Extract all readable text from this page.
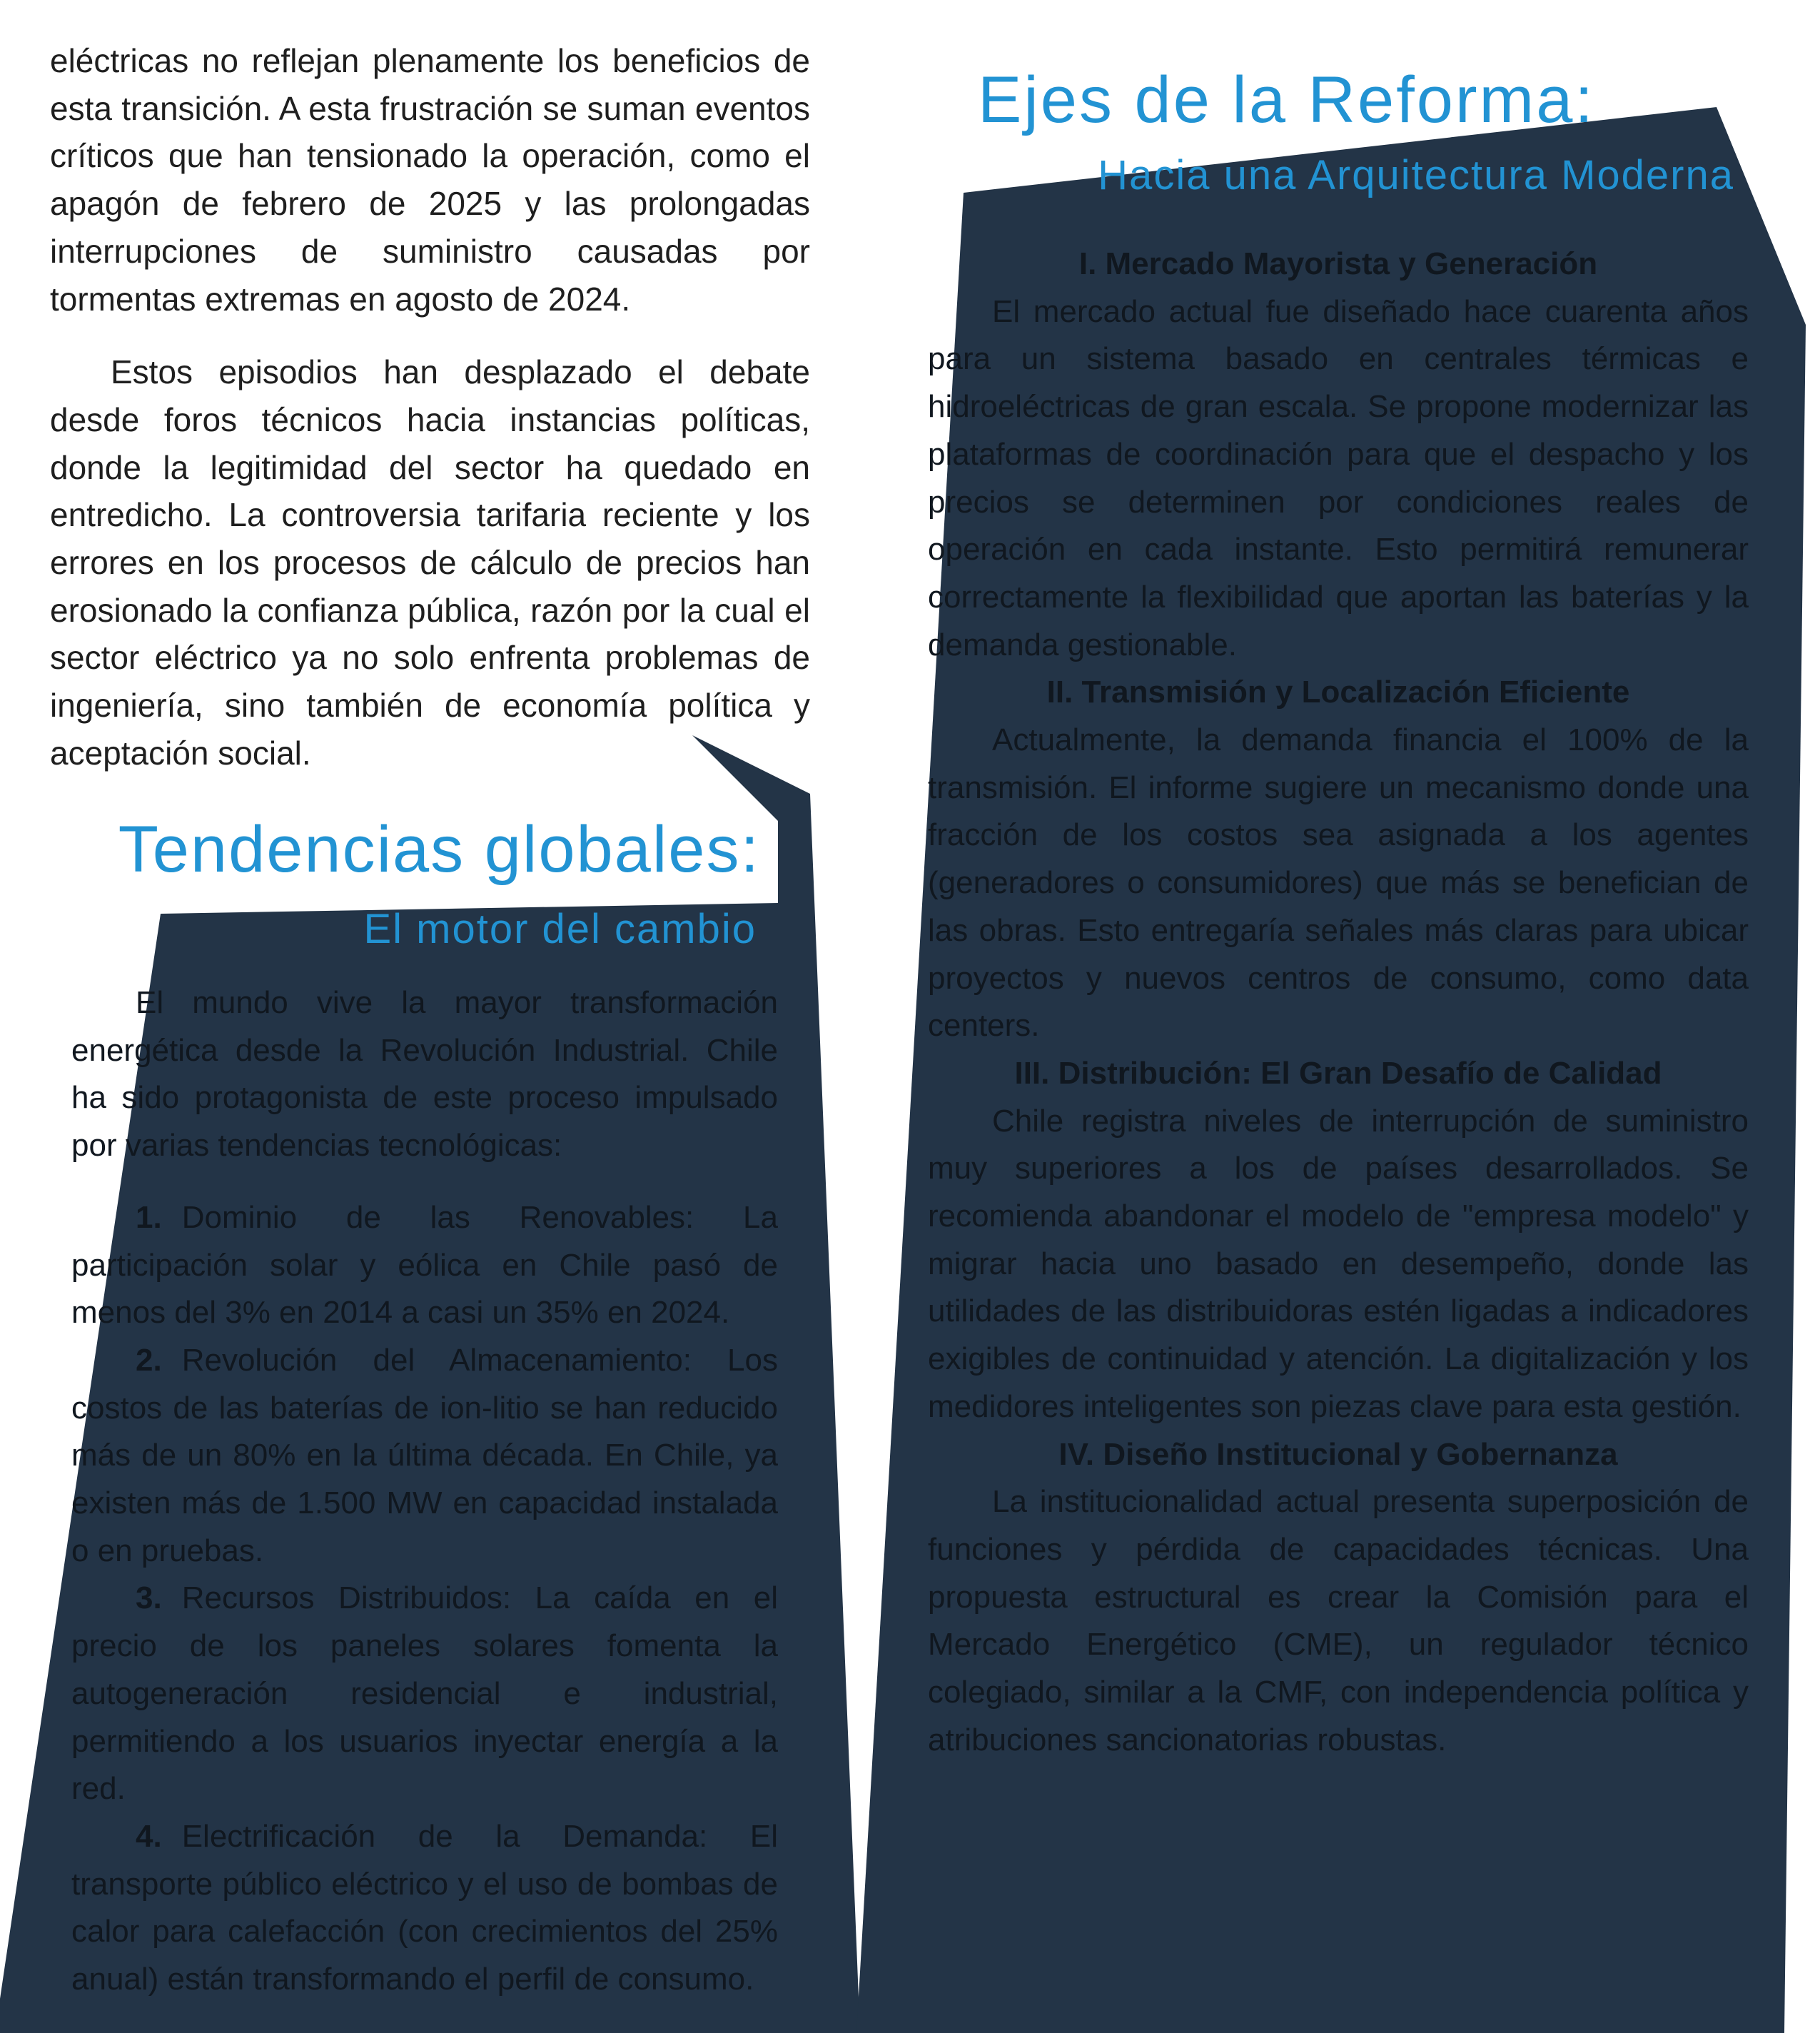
eléctricas no reflejan plenamente los beneficios de esta transición. A esta frustración se suman eventos críticos que han tensionado la operación, como el apagón de febrero de 2025 y las prolongadas interrupciones de suministro causadas por tormentas extremas en agosto de 2024.

Estos episodios han desplazado el debate desde foros técnicos hacia instancias políticas, donde la legitimidad del sector ha quedado en entredicho. La controversia tarifaria reciente y los errores en los procesos de cálculo de precios han erosionado la confianza pública, razón por la cual el sector eléctrico ya no solo enfrenta problemas de ingeniería, sino también de economía política y aceptación social.

Tendencias globales:
El motor del cambio

El mundo vive la mayor transformación energética desde la Revolución Industrial. Chile ha sido protagonista de este proceso impulsado por varias tendencias tecnológicas:

1. Dominio de las Renovables: La participación solar y eólica en Chile pasó de menos del 3% en 2014 a casi un 35% en 2024.

2. Revolución del Almacenamiento: Los costos de las baterías de ion-litio se han reducido más de un 80% en la última década. En Chile, ya existen más de 1.500 MW en capacidad instalada o en pruebas.

3. Recursos Distribuidos: La caída en el precio de los paneles solares fomenta la autogeneración residencial e industrial, permitiendo a los usuarios inyectar energía a la red.

4. Electrificación de la Demanda: El transporte público eléctrico y el uso de bombas de calor para calefacción (con crecimientos del 25% anual) están transformando el perfil de consumo.

Ejes de la Reforma:
Hacia una Arquitectura Moderna

I. Mercado Mayorista y Generación

El mercado actual fue diseñado hace cuarenta años para un sistema basado en centrales térmicas e hidroeléctricas de gran escala. Se propone modernizar las plataformas de coordinación para que el despacho y los precios se determinen por condiciones reales de operación en cada instante. Esto permitirá remunerar correctamente la flexibilidad que aportan las baterías y la demanda gestionable.

II. Transmisión y Localización Eficiente

Actualmente, la demanda financia el 100% de la transmisión. El informe sugiere un mecanismo donde una fracción de los costos sea asignada a los agentes (generadores o consumidores) que más se benefician de las obras. Esto entregaría señales más claras para ubicar proyectos y nuevos centros de consumo, como data centers.

III. Distribución: El Gran Desafío de Calidad

Chile registra niveles de interrupción de suministro muy superiores a los de países desarrollados. Se recomienda abandonar el modelo de "empresa modelo" y migrar hacia uno basado en desempeño, donde las utilidades de las distribuidoras estén ligadas a indicadores exigibles de continuidad y atención. La digitalización y los medidores inteligentes son piezas clave para esta gestión.

IV. Diseño Institucional y Gobernanza

La institucionalidad actual presenta superposición de funciones y pérdida de capacidades técnicas. Una propuesta estructural es crear la Comisión para el Mercado Energético (CME), un regulador técnico colegiado, similar a la CMF, con independencia política y atribuciones sancionatorias robustas.
